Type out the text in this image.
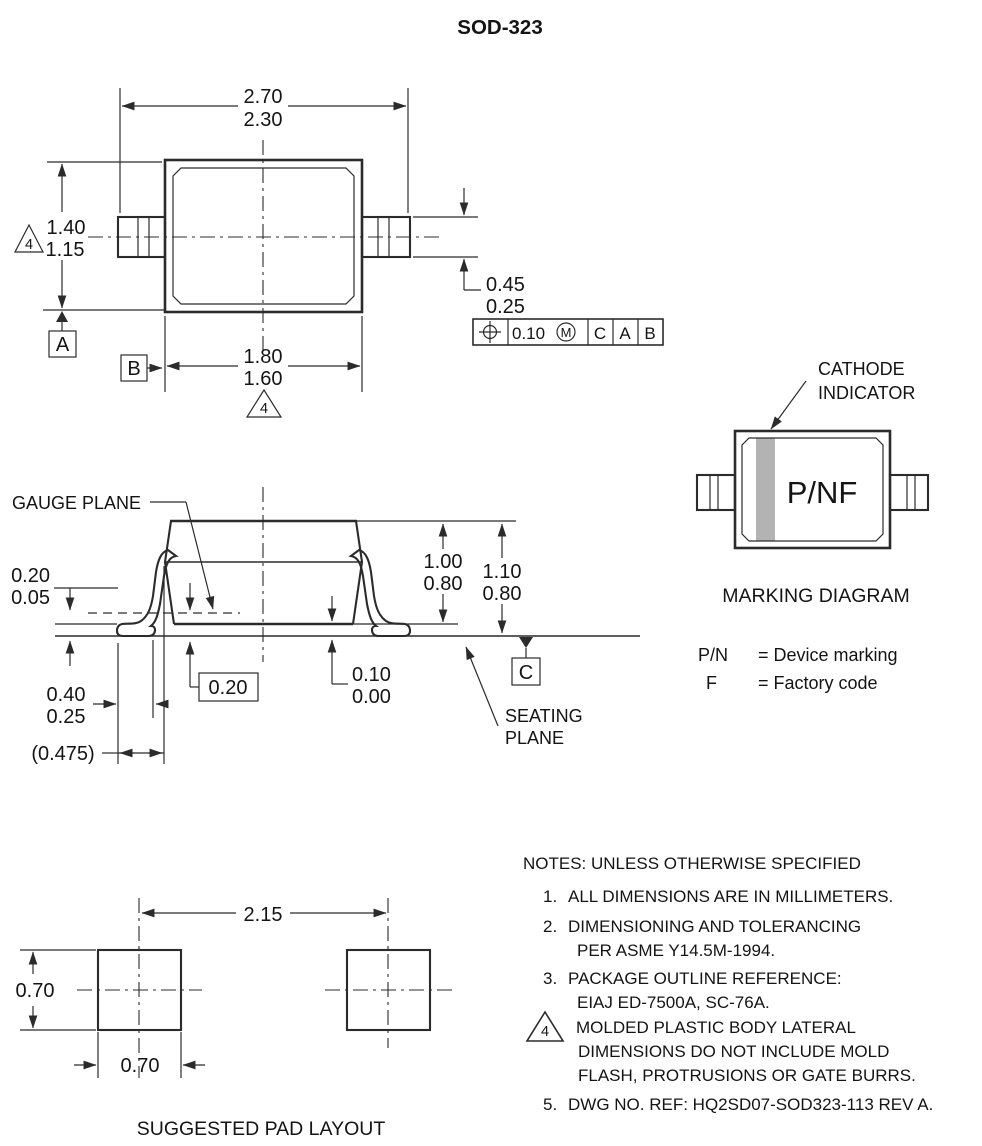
SOD-323
2.70
2.30
1.40
1.15
4
A
B
1.80
1.60
4
0.45
0.25
0.10 M C A B
GAUGE PLANE
0.20
0.05
0.40
0.25
(0.475)
0.20
0.10
0.00
1.00
0.80
1.10
0.80
C
SEATING
PLANE
P/NF
CATHODE
INDICATOR
MARKING DIAGRAM
P/N = Device marking
F = Factory code
2.15
0.70
0.70
SUGGESTED PAD LAYOUT
NOTES: UNLESS OTHERWISE SPECIFIED
1. ALL DIMENSIONS ARE IN MILLIMETERS.
2. DIMENSIONING AND TOLERANCING
PER ASME Y14.5M-1994.
3. PACKAGE OUTLINE REFERENCE:
EIAJ ED-7500A, SC-76A.
4 MOLDED PLASTIC BODY LATERAL
DIMENSIONS DO NOT INCLUDE MOLD
FLASH, PROTRUSIONS OR GATE BURRS.
5. DWG NO. REF: HQ2SD07-SOD323-113 REV A.
